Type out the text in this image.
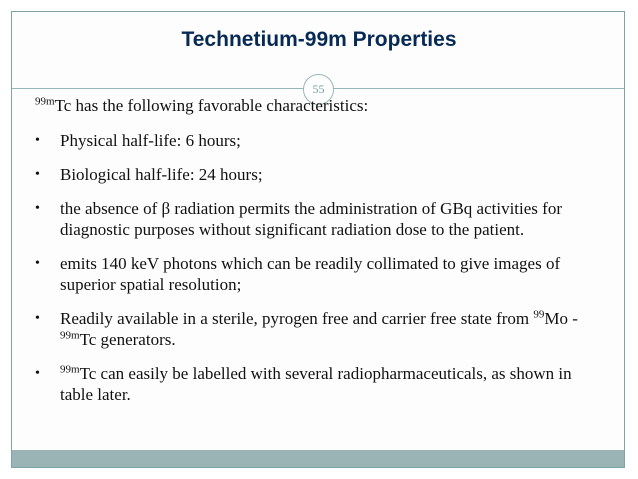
Technetium-99m Properties
55
$^{99m}$Tc has the following favorable characteristics:
• Physical half-life: 6 hours;
• Biological half-life: 24 hours;
• the absence of β radiation permits the administration of GBq activities for diagnostic purposes without significant radiation dose to the patient.
• emits 140 keV photons which can be readily collimated to give images of superior spatial resolution;
• Readily available in a sterile, pyrogen free and carrier free state from $^{99}$Mo - $^{99m}$Tc generators.
• $^{99m}$Tc can easily be labelled with several radiopharmaceuticals, as shown in table later.
